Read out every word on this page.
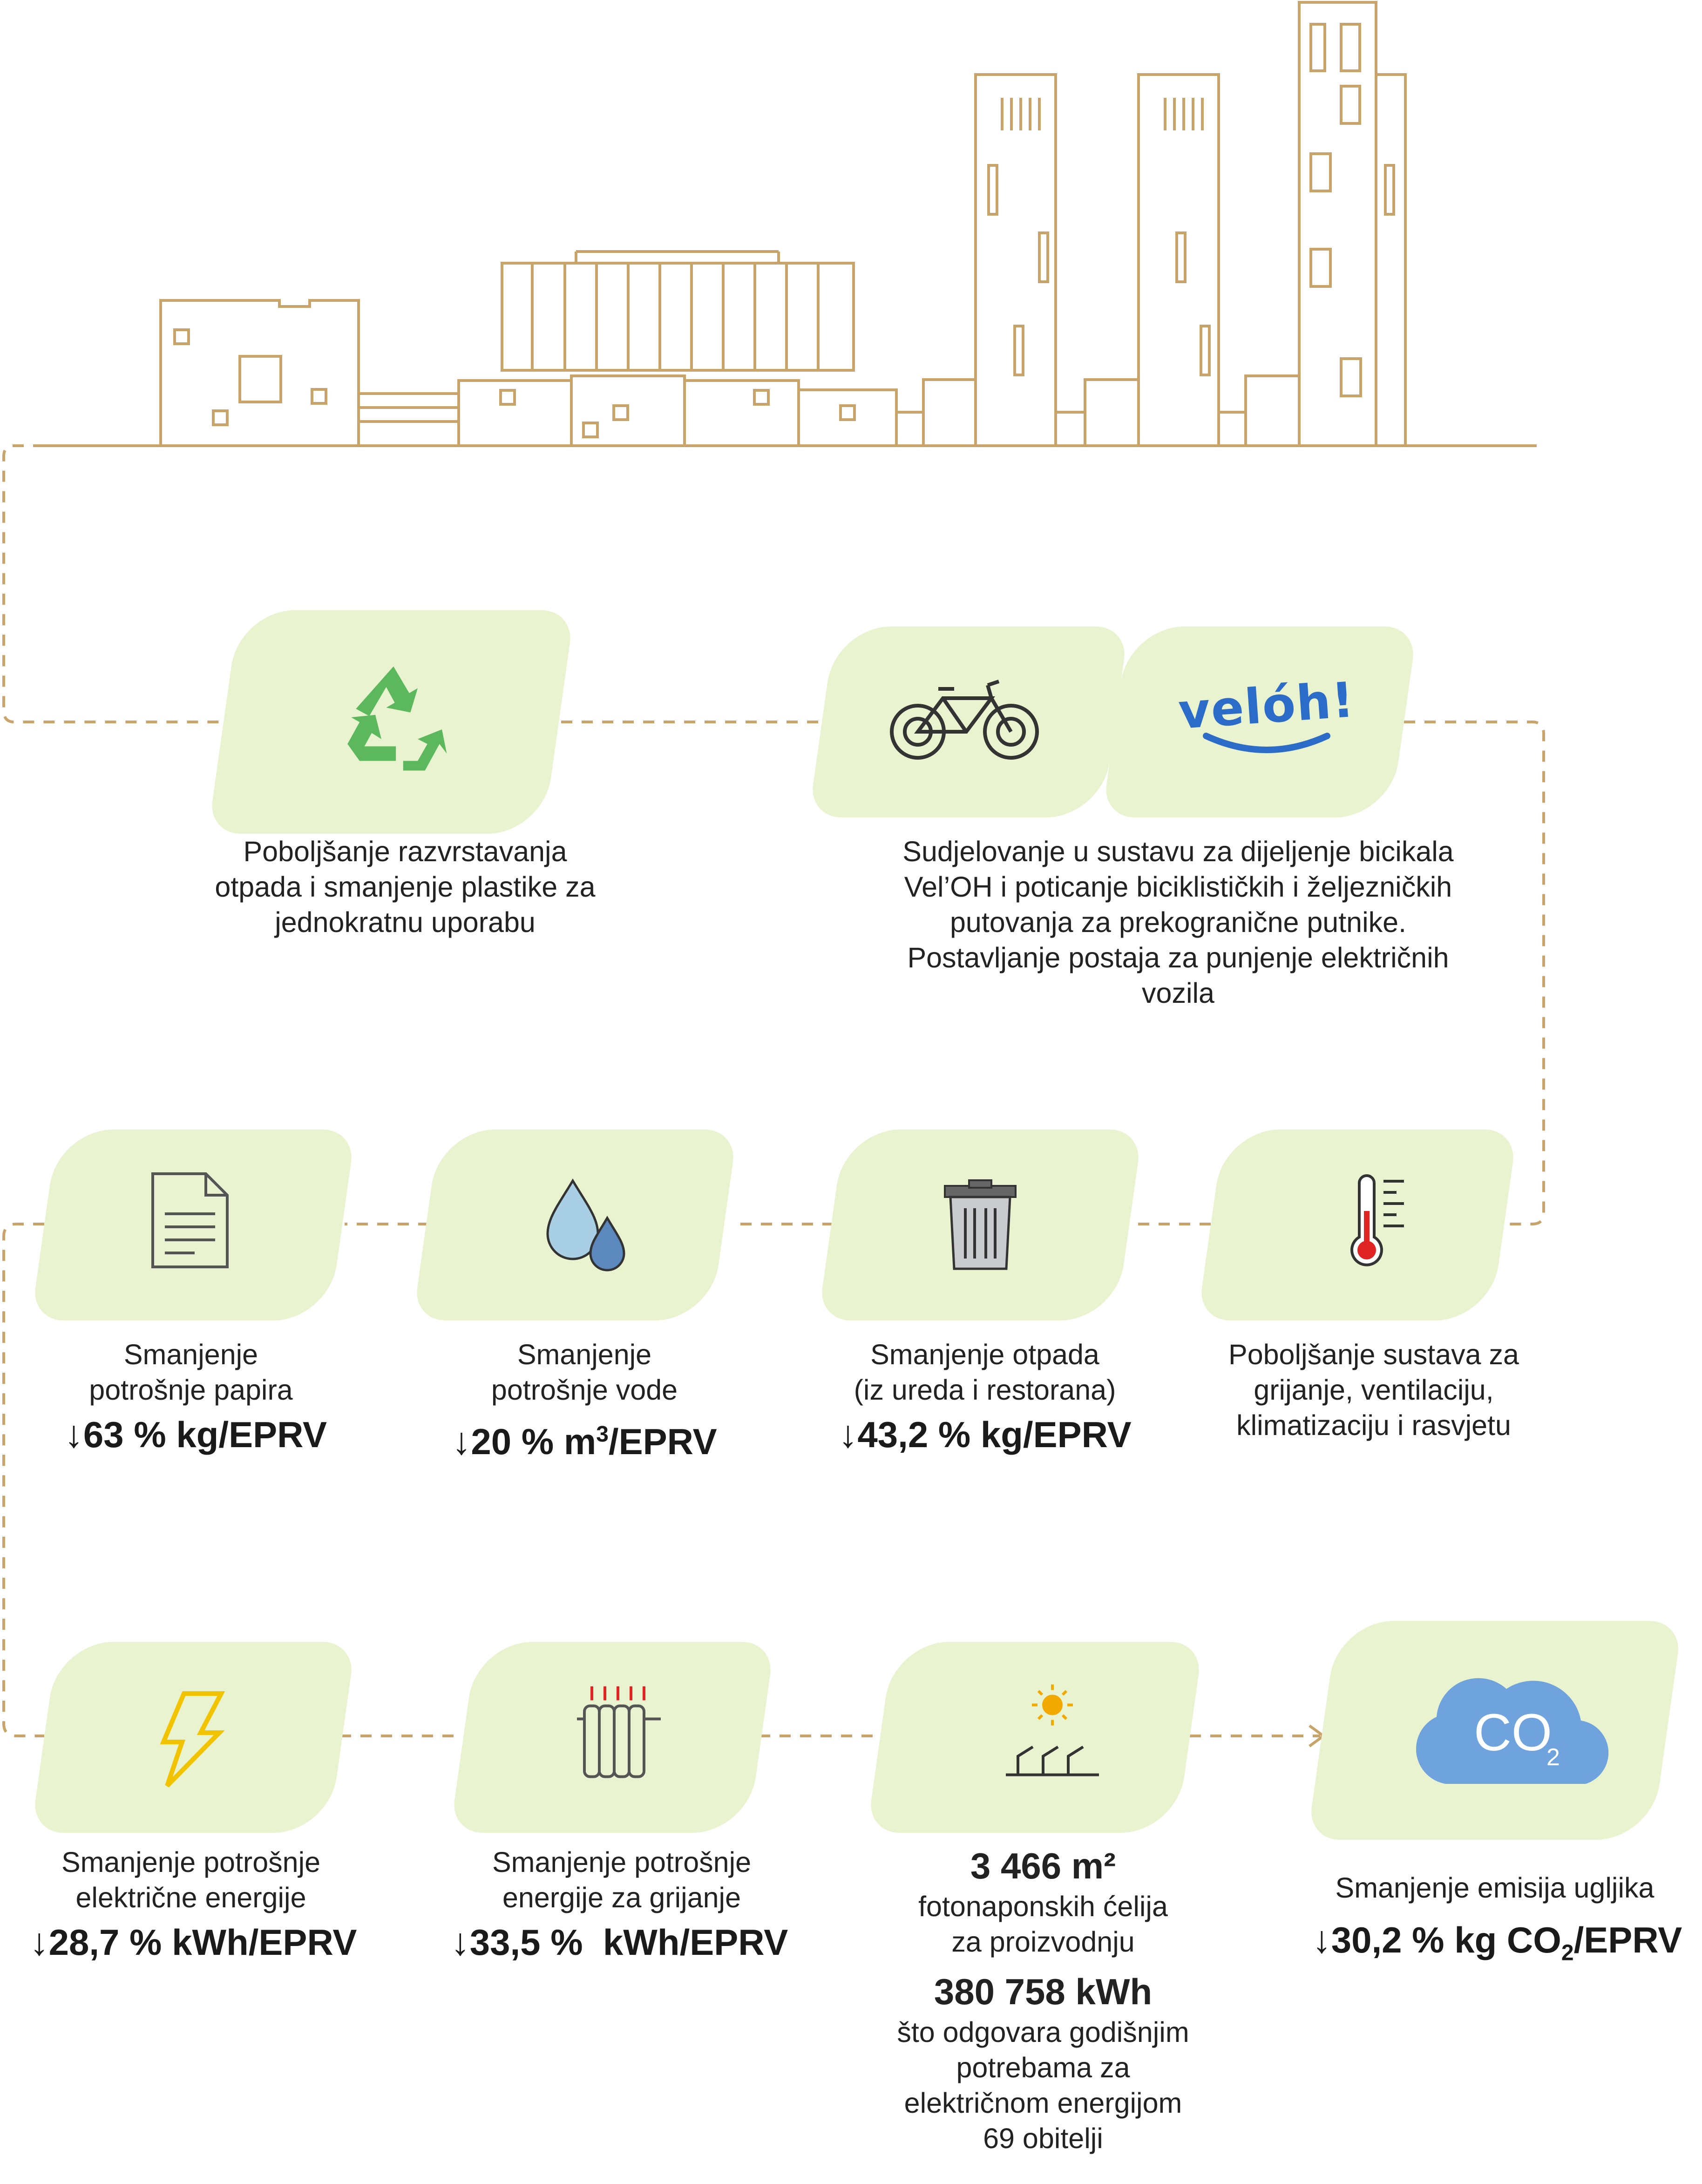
Poboljšanje razvrstavanja
otpada i smanjenje plastike za
jednokratnu uporabu
velóh!
Sudjelovanje u sustavu za dijeljenje bicikala
Vel’OH i poticanje biciklističkih i željezničkih
putovanja za prekogranične putnike.
Postavljanje postaja za punjenje električnih
vozila
Smanjenje
potrošnje papira
↓63 % kg/EPRV
Smanjenje
potrošnje vode
↓20 % $m^3$/EPRV
Smanjenje otpada
(iz ureda i restorana)
↓43,2 % kg/EPRV
Poboljšanje sustava za
grijanje, ventilaciju,
klimatizaciju i rasvjetu
Smanjenje potrošnje
električne energije
↓28,7 % kWh/EPRV
Smanjenje potrošnje
energije za grijanje
↓33,5 %  kWh/EPRV
3 466 m²
fotonaponskih ćelija
za proizvodnju
380 758 kWh
što odgovara godišnjim
potrebama za
električnom energijom
69 obitelji
CO
2
Smanjenje emisija ugljika
↓30,2 % kg $CO_2$/EPRV
